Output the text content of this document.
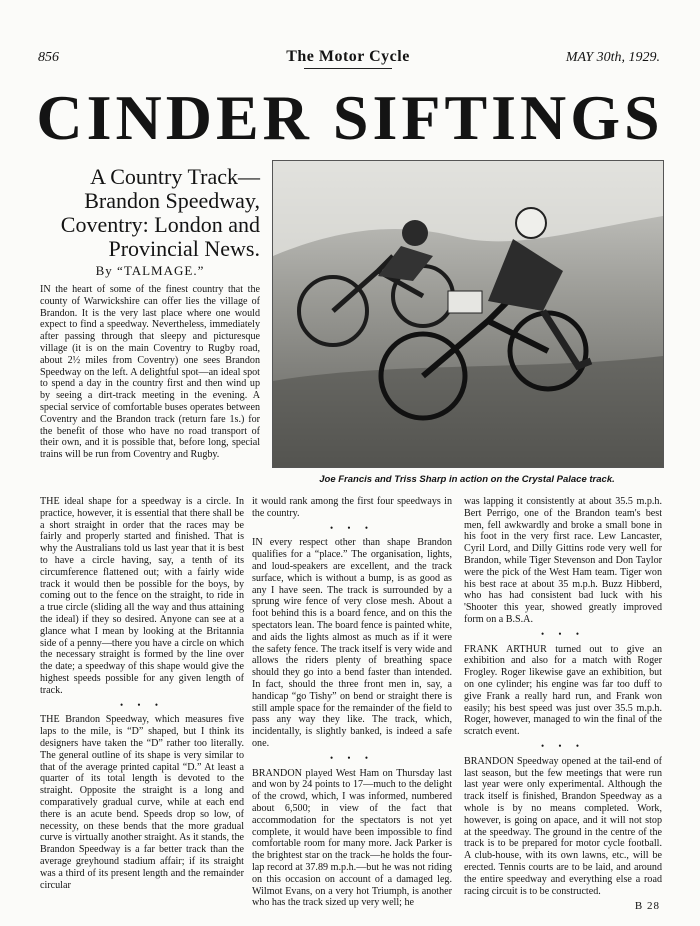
856	The Motor Cycle	MAY 30th, 1929.
CINDER SIFTINGS
A Country Track—Brandon Speedway, Coventry: London and Provincial News.
By “TALMAGE.”
Joe Francis and Triss Sharp in action on the Crystal Palace track.

IN the heart of some of the finest country that the county of Warwickshire can offer lies the village of Brandon. It is the very last place where one would expect to find a speedway. Nevertheless, immediately after passing through that sleepy and picturesque village (it is on the main Coventry to Rugby road, about 2½ miles from Coventry) one sees Brandon Speedway on the left. A delightful spot—an ideal spot to spend a day in the country first and then wind up by seeing a dirt-track meeting in the evening. A special service of comfortable buses operates between Coventry and the Brandon track (return fare 1s.) for the benefit of those who have no road transport of their own, and it is possible that, before long, special trains will be run from Coventry and Rugby.

THE ideal shape for a speedway is a circle. In practice, however, it is essential that there shall be a short straight in order that the races may be fairly and properly started and finished. That is why the Australians told us last year that it is best to have a circle having, say, a tenth of its circumference flattened out; with a fairly wide track it would then be possible for the boys, by coming out to the fence on the straight, to ride in a true circle (sliding all the way and thus attaining the ideal) if they so desired. Anyone can see at a glance what I mean by looking at the Britannia side of a penny—there you have a circle on which the necessary straight is formed by the line over the date; a speedway of this shape would give the highest speeds possible for any given length of track.

• • •

THE Brandon Speedway, which measures five laps to the mile, is “D” shaped, but I think its designers have taken the “D” rather too literally. The general outline of its shape is very similar to that of the average printed capital “D.” At least a quarter of its total length is devoted to the straight. Opposite the straight is a long and comparatively gradual curve, while at each end there is an acute bend. Speeds drop so low, of necessity, on these bends that the more gradual curve is virtually another straight. As it stands, the Brandon Speedway is a far better track than the average greyhound stadium affair; if its straight was a third of its present length and the remainder circular

it would rank among the first four speedways in the country.

• • •

IN every respect other than shape Brandon qualifies for a “place.” The organisation, lights, and loud-speakers are excellent, and the track surface, which is without a bump, is as good as any I have seen. The track is surrounded by a sprung wire fence of very close mesh. About a foot behind this is a board fence, and on this the spectators lean. The board fence is painted white, and aids the lights almost as much as if it were the safety fence. The track itself is very wide and allows the riders plenty of breathing space should they go into a bend faster than intended. In fact, should the three front men in, say, a handicap “go Tishy” on bend or straight there is still ample space for the remainder of the field to pass any way they like. The track, which, incidentally, is slightly banked, is indeed a safe one.

• • •

BRANDON played West Ham on Thursday last and won by 24 points to 17—much to the delight of the crowd, which, I was informed, numbered about 6,500; in view of the fact that accommodation for the spectators is not yet complete, it would have been impossible to find comfortable room for many more. Jack Parker is the brightest star on the track—he holds the four-lap record at 37.89 m.p.h.—but he was not riding on this occasion on account of a damaged leg. Wilmot Evans, on a very hot Triumph, is another who has the track sized up very well; he

was lapping it consistently at about 35.5 m.p.h. Bert Perrigo, one of the Brandon team's best men, fell awkwardly and broke a small bone in his foot in the very first race. Lew Lancaster, Cyril Lord, and Dilly Gittins rode very well for Brandon, while Tiger Stevenson and Don Taylor were the pick of the West Ham team. Tiger won his best race at about 35 m.p.h. Buzz Hibberd, who has had consistent bad luck with his 'Shooter this year, showed greatly improved form on a B.S.A.

• • •

FRANK ARTHUR turned out to give an exhibition and also for a match with Roger Frogley. Roger likewise gave an exhibition, but on one cylinder; his engine was far too duff to give Frank a really hard run, and Frank won easily; his best speed was just over 35.5 m.p.h. Roger, however, managed to win the final of the scratch event.

• • •

BRANDON Speedway opened at the tail-end of last season, but the few meetings that were run last year were only experimental. Although the track itself is finished, Brandon Speedway as a whole is by no means completed. Work, however, is going on apace, and it will not stop at the speedway. The ground in the centre of the track is to be prepared for motor cycle football. A club-house, with its own lawns, etc., will be erected. Tennis courts are to be laid, and around the entire speedway and everything else a road racing circuit is to be constructed.

B 28
